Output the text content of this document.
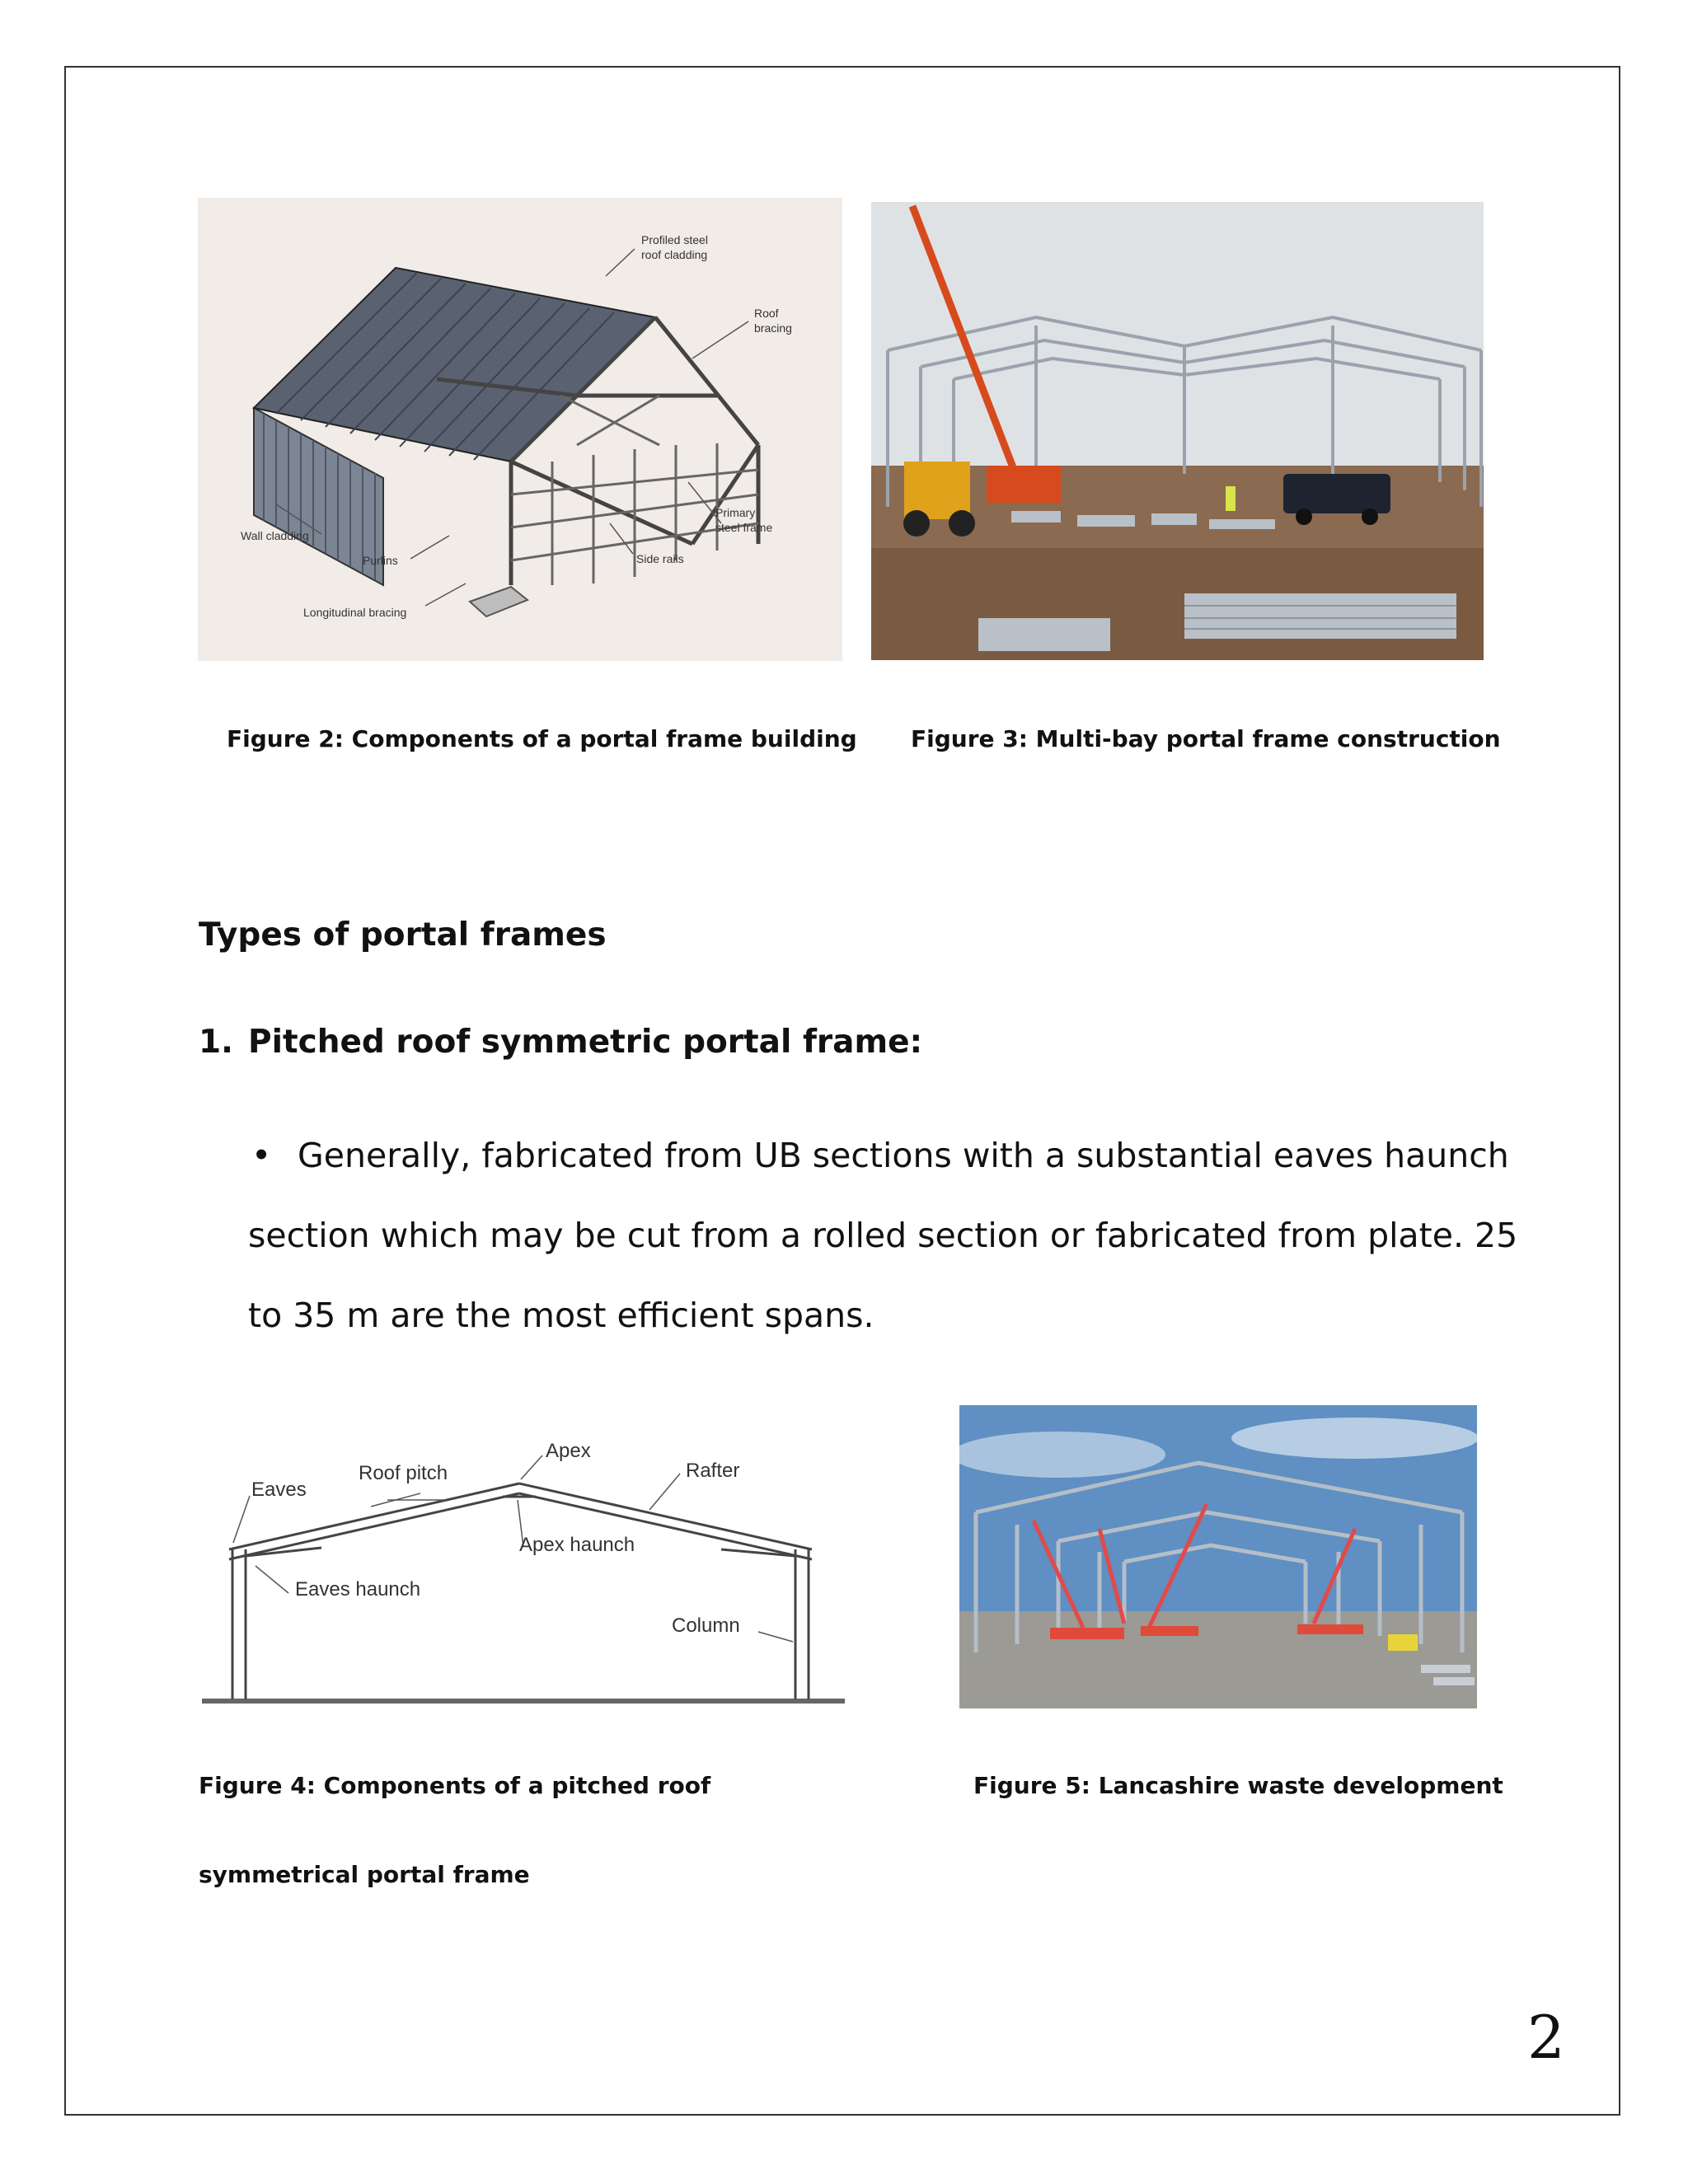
Profiled steel
roof cladding
Roof
bracing
Primary
steel frame
Wall cladding
Purlins	Side rails
Longitudinal bracing
Figure 2: Components of a portal frame building Figure 3: Multi-bay portal frame construction
Types of portal frames
1. Pitched roof symmetric portal frame:
• Generally, fabricated from UB sections with a substantial eaves haunch
section which may be cut from a rolled section or fabricated from plate. 25
to 35 m are the most efficient spans.
Eaves
Roof pitch
Apex
Rafter
Apex haunch
Eaves haunch
Column
Figure 4: Components of a pitched roof
symmetrical portal frame
Figure 5: Lancashire waste development
2
